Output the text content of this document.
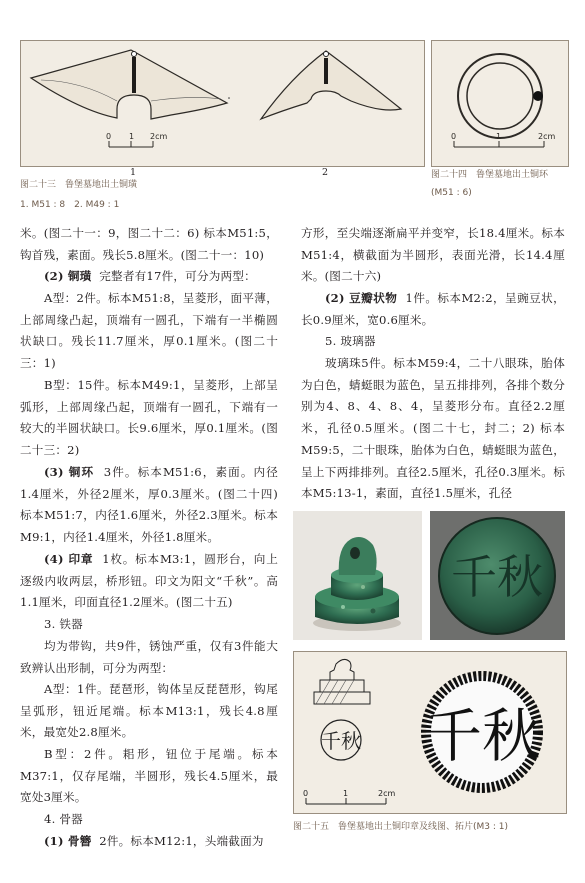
0 1 2cm
1	2
图二十三　鲁堡墓地出土铜璜
1. M51 : 8　2. M49 : 1
0	1	2cm
图二十四　鲁堡墓地出土铜环
(M51 : 6)

米。(图二十一：9，图二十二：6) 标本M51:5，钩首残，素面。残长5.8厘米。(图二十一：10)

(2) 铜璜 完整者有17件，可分为两型：

A型：2件。标本M51:8，呈菱形，面平薄，上部周缘凸起，顶端有一圆孔，下端有一半椭圆状缺口。残长11.7厘米，厚0.1厘米。(图二十三：1)

B型：15件。标本M49:1，呈菱形，上部呈弧形，上部周缘凸起，顶端有一圆孔，下端有一较大的半圆状缺口。长9.6厘米，厚0.1厘米。(图二十三：2)

(3) 铜环 3件。标本M51:6，素面。内径1.4厘米，外径2厘米，厚0.3厘米。(图二十四) 标本M51:7，内径1.6厘米，外径2.3厘米。标本M9:1，内径1.4厘米，外径1.8厘米。

(4) 印章 1枚。标本M3:1，圆形台，向上逐级内收两层，桥形钮。印文为阳文“千秋”。高1.1厘米，印面直径1.2厘米。(图二十五)

3. 铁器

均为带钩，共9件，锈蚀严重，仅有3件能大致辨认出形制，可分为两型：

A型：1件。琵琶形，钩体呈反琵琶形，钩尾呈弧形，钮近尾端。标本M13:1，残长4.8厘米，最宽处2.8厘米。

B型：2件。耜形，钮位于尾端。标本M37:1，仅存尾端，半圆形，残长4.5厘米，最宽处3厘米。

4. 骨器

(1) 骨簪 2件。标本M12:1，头端截面为

方形，至尖端逐渐扁平并变窄，长18.4厘米。标本M51:4，横截面为半圆形，表面光滑，长14.4厘米。(图二十六)

(2) 豆瓣状物 1件。标本M2:2，呈豌豆状，长0.9厘米，宽0.6厘米。

5. 玻璃器

玻璃珠5件。标本M59:4，二十八眼珠，胎体为白色，蜻蜓眼为蓝色，呈五排排列，各排个数分别为4、8、4、8、4，呈菱形分布。直径2.2厘米，孔径0.5厘米。(图二十七，封二；2) 标本M59:5，二十眼珠，胎体为白色，蜻蜓眼为蓝色，呈上下两排排列。直径2.5厘米，孔径0.3厘米。标本M5:13-1，素面，直径1.5厘米，孔径

千秋
千秋 千秋
0	1	2cm
图二十五　鲁堡墓地出土铜印章及线图、拓片(M3 : 1)
